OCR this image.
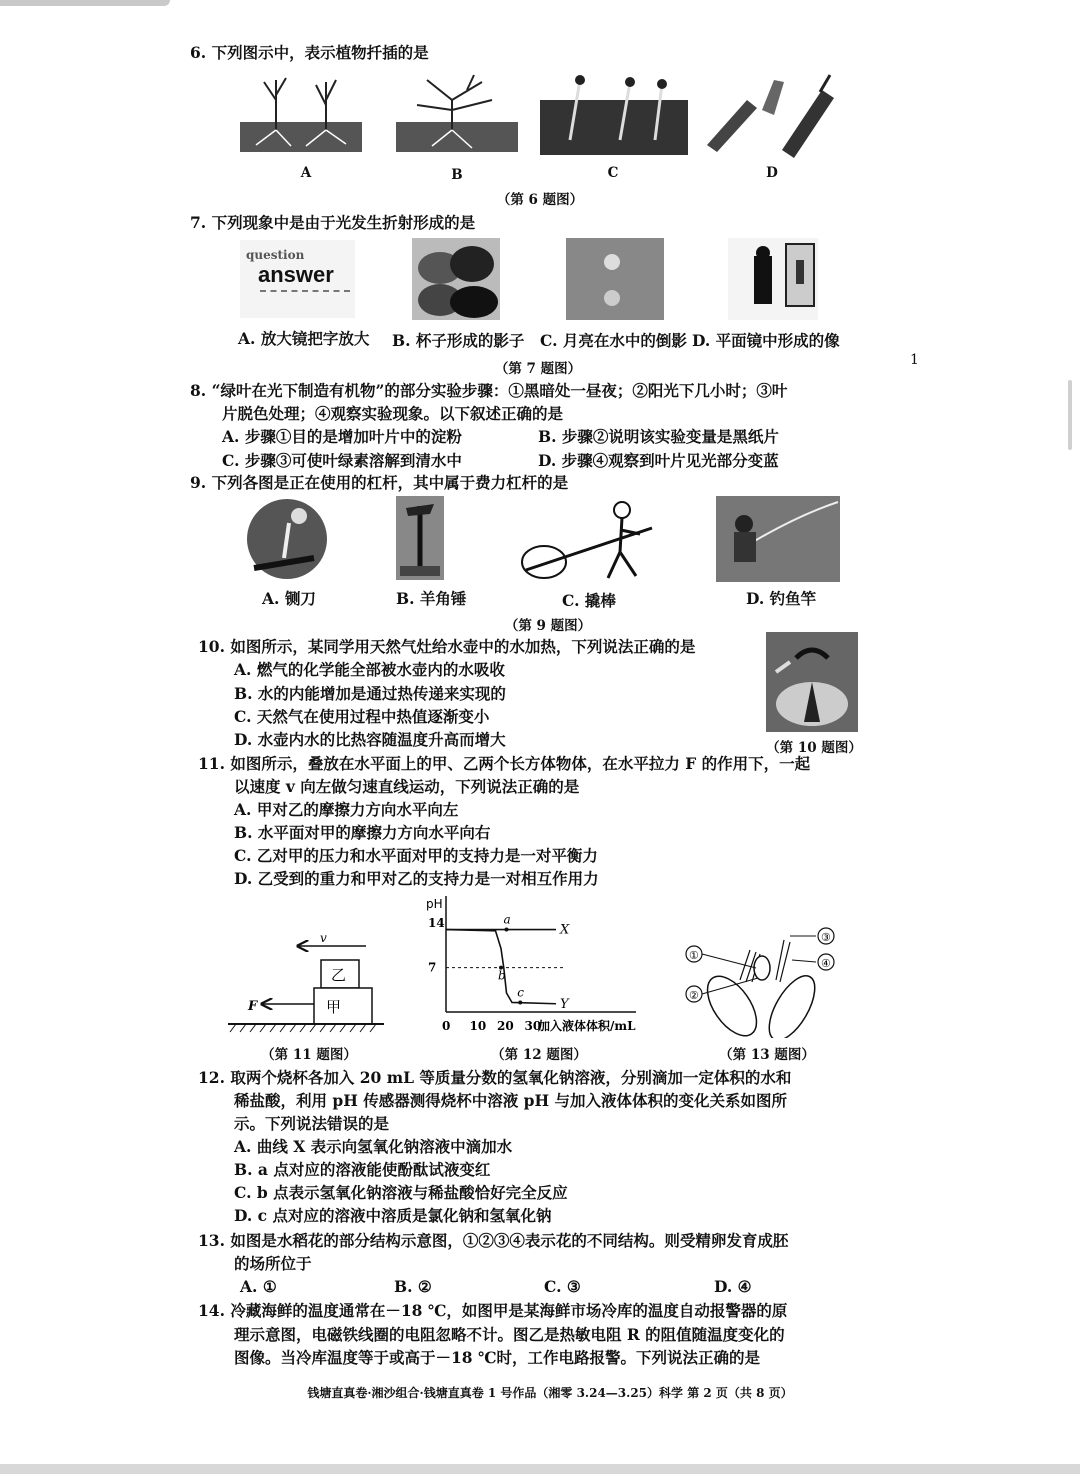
6. 下列图示中，表示植物扦插的是
A	B	C	D
（第 6 题图）
7. 下列现象中是由于光发生折射形成的是
question
answer
A. 放大镜把字放大 B. 杯子形成的影子 C. 月亮在水中的倒影 D. 平面镜中形成的像
（第 7 题图）
1
8. “绿叶在光下制造有机物”的部分实验步骤：①黑暗处一昼夜；②阳光下几小时；③叶
片脱色处理；④观察实验现象。以下叙述正确的是
A. 步骤①目的是增加叶片中的淀粉	B. 步骤②说明该实验变量是黑纸片
C. 步骤③可使叶绿素溶解到清水中	D. 步骤④观察到叶片见光部分变蓝
9. 下列各图是正在使用的杠杆，其中属于费力杠杆的是
A. 铡刀	B. 羊角锤	C. 撬棒	D. 钓鱼竿
（第 9 题图）
10. 如图所示，某同学用天然气灶给水壶中的水加热，下列说法正确的是
A. 燃气的化学能全部被水壶内的水吸收
B. 水的内能增加是通过热传递来实现的
C. 天然气在使用过程中热值逐渐变小
D. 水壶内水的比热容随温度升高而增大	（第 10 题图）
11. 如图所示，叠放在水平面上的甲、乙两个长方体物体，在水平拉力 F 的作用下，一起
以速度 v 向左做匀速直线运动，下列说法正确的是
A. 甲对乙的摩擦力方向水平向左
B. 水平面对甲的摩擦力方向水平向右
C. 乙对甲的压力和水平面对甲的支持力是一对平衡力
D. 乙受到的重力和甲对乙的支持力是一对相互作用力
v
乙
甲
F
（第 11 题图）
pH
14
7
0 10 20 30
加入液体体积/mL
X
Y
a
b
c
（第 12 题图）
①
②
③
④
（第 13 题图）
12. 取两个烧杯各加入 20 mL 等质量分数的氢氧化钠溶液，分别滴加一定体积的水和
稀盐酸，利用 pH 传感器测得烧杯中溶液 pH 与加入液体体积的变化关系如图所
示。下列说法错误的是
A. 曲线 X 表示向氢氧化钠溶液中滴加水
B. a 点对应的溶液能使酚酞试液变红
C. b 点表示氢氧化钠溶液与稀盐酸恰好完全反应
D. c 点对应的溶液中溶质是氯化钠和氢氧化钠
13. 如图是水稻花的部分结构示意图，①②③④表示花的不同结构。则受精卵发育成胚
的场所位于
A. ①	B. ②	C. ③	D. ④
14. 冷藏海鲜的温度通常在－18 ℃，如图甲是某海鲜市场冷库的温度自动报警器的原
理示意图，电磁铁线圈的电阻忽略不计。图乙是热敏电阻 R 的阻值随温度变化的
图像。当冷库温度等于或高于－18 ℃时，工作电路报警。下列说法正确的是
钱塘直真卷·湘沙组合·钱塘直真卷 1 号作品（湘零 3.24—3.25）科学 第 2 页（共 8 页）
